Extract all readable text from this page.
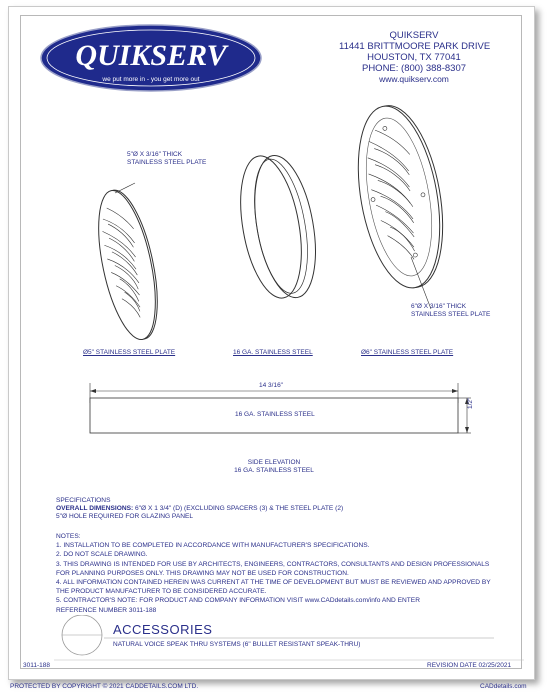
QUIKSERV
we put more in - you get more out
QUIKSERV
11441 BRITTMOORE PARK DRIVE
HOUSTON, TX 77041
PHONE: (800) 388-8307
www.quikserv.com
5"Ø X 3/16" THICK
STAINLESS STEEL PLATE
6"Ø X 3/16" THICK
STAINLESS STEEL PLATE
Ø5" STAINLESS STEEL PLATE	16 GA. STAINLESS STEEL	Ø6" STAINLESS STEEL PLATE
14 3/16"
16 GA. STAINLESS STEEL
1/2"
SIDE ELEVATION
16 GA. STAINLESS STEEL
SPECIFICATIONS
OVERALL DIMENSIONS: 6"Ø X 1 3/4" (D) (EXCLUDING SPACERS (3) & THE STEEL PLATE (2)
5"Ø HOLE REQUIRED FOR GLAZING PANEL
NOTES:
1. INSTALLATION TO BE COMPLETED IN ACCORDANCE WITH MANUFACTURER'S SPECIFICATIONS.
2. DO NOT SCALE DRAWING.
3. THIS DRAWING IS INTENDED FOR USE BY ARCHITECTS, ENGINEERS, CONTRACTORS, CONSULTANTS AND DESIGN PROFESSIONALS
FOR PLANNING PURPOSES ONLY. THIS DRAWING MAY NOT BE USED FOR CONSTRUCTION.
4. ALL INFORMATION CONTAINED HEREIN WAS CURRENT AT THE TIME OF DEVELOPMENT BUT MUST BE REVIEWED AND APPROVED BY
THE PRODUCT MANUFACTURER TO BE CONSIDERED ACCURATE.
5. CONTRACTOR'S NOTE: FOR PRODUCT AND COMPANY INFORMATION VISIT www.CADdetails.com/info AND ENTER
REFERENCE NUMBER 3011-188
ACCESSORIES
NATURAL VOICE SPEAK THRU SYSTEMS (6" BULLET RESISTANT SPEAK-THRU)
3011-188	REVISION DATE 02/25/2021
PROTECTED BY COPYRIGHT © 2021 CADDETAILS.COM LTD.	CADdetails.com
